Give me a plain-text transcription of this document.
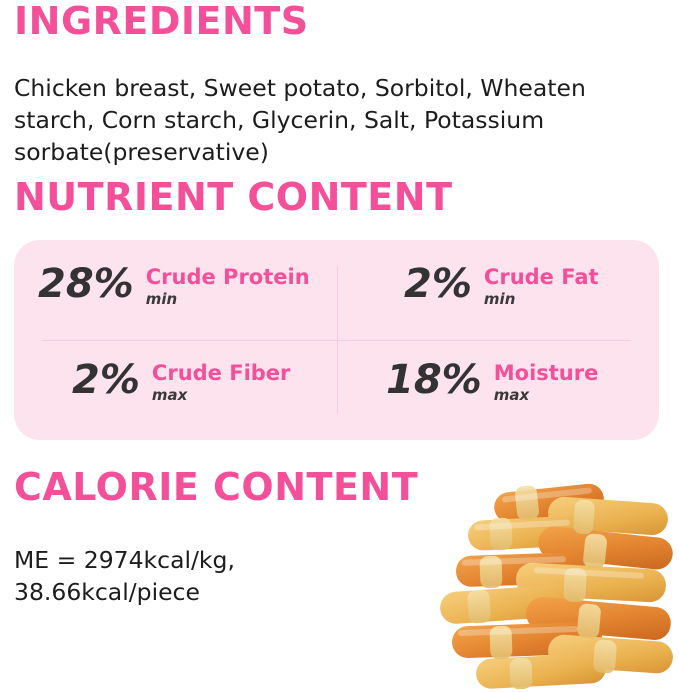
INGREDIENTS

Chicken breast, Sweet potato, Sorbitol, Wheaten starch, Corn starch, Glycerin, Salt, Potassium sorbate(preservative)

NUTRIENT CONTENT
28% Crude Protein
min	2% Crude Fat
min
2% Crude Fiber
max	18% Moisture
max
CALORIE CONTENT

ME = 2974kcal/kg, 38.66kcal/piece
